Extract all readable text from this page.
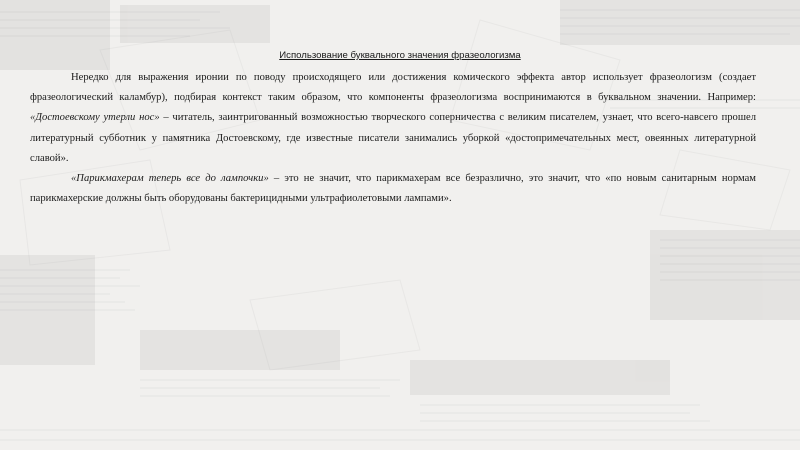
Использование буквального значения фразеологизма

Нередко для выражения иронии по поводу происходящего или достижения комического эффекта автор использует фразеологизм (создает фразеологический каламбур), подбирая контекст таким образом, что компоненты фразеологизма воспринимаются в буквальном значении. Например: «Достоевскому утерли нос» – читатель, заинтригованный возможностью творческого соперничества с великим писателем, узнает, что всего-навсего прошел литературный субботник у памятника Достоевскому, где известные писатели занимались уборкой «достопримечательных мест, овеянных литературной славой».

«Парикмахерам теперь все до лампочки» – это не значит, что парикмахерам все безразлично, это значит, что «по новым санитарным нормам парикмахерские должны быть оборудованы бактерицидными ультрафиолетовыми лампами».
